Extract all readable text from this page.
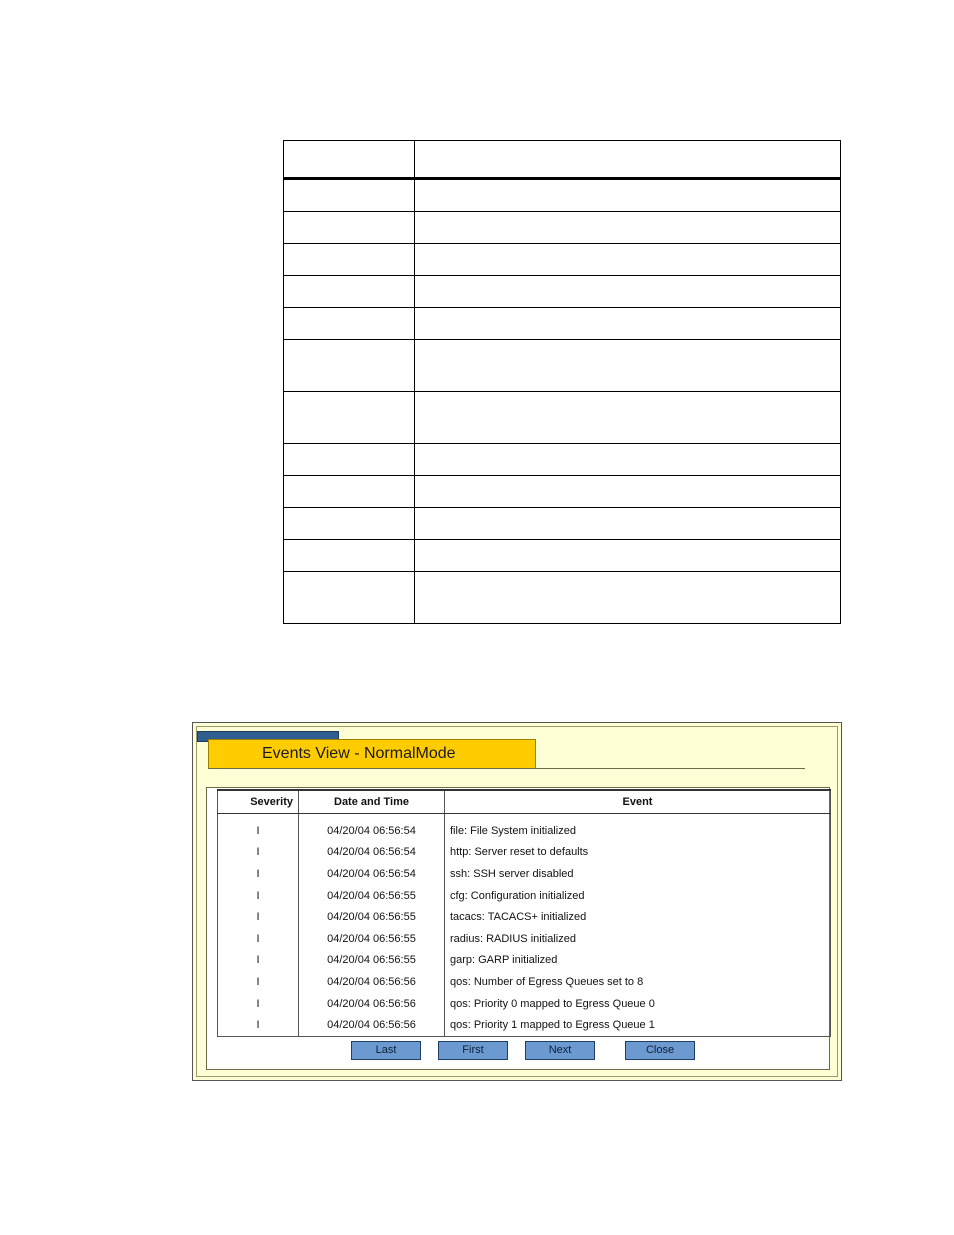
Events View - NormalMode
Severity	Date and Time	Event
I	04/20/04 06:56:54	file: File System initialized
I	04/20/04 06:56:54	http: Server reset to defaults
I	04/20/04 06:56:54	ssh: SSH server disabled
I	04/20/04 06:56:55	cfg: Configuration initialized
I	04/20/04 06:56:55	tacacs: TACACS+ initialized
I	04/20/04 06:56:55	radius: RADIUS initialized
I	04/20/04 06:56:55	garp: GARP initialized
I	04/20/04 06:56:56	qos: Number of Egress Queues set to 8
I	04/20/04 06:56:56	qos: Priority 0 mapped to Egress Queue 0
I	04/20/04 06:56:56	qos: Priority 1 mapped to Egress Queue 1
Last	First	Next	Close
